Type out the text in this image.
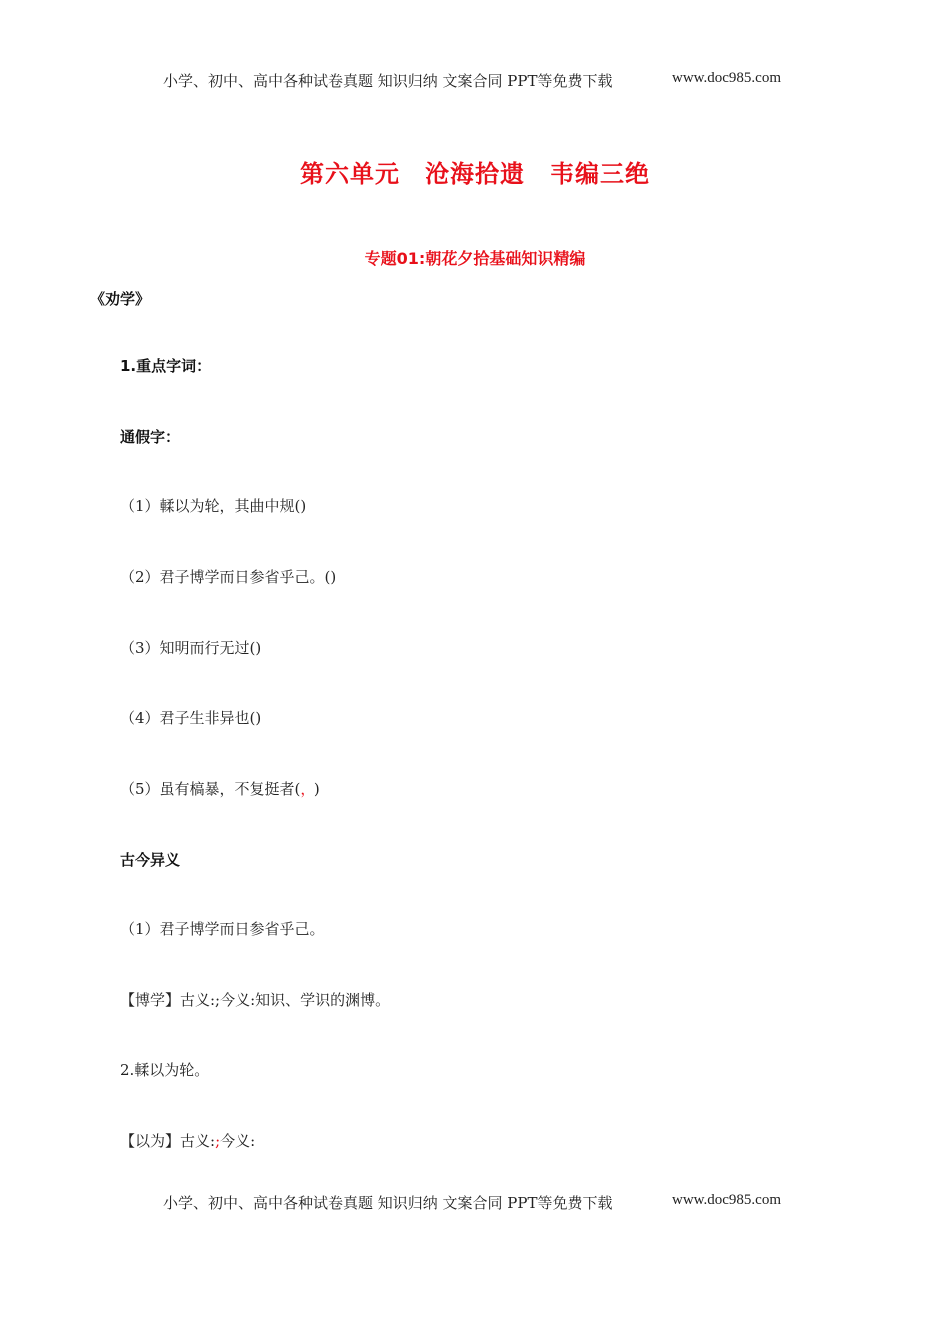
小学、初中、高中各种试卷真题 知识归纳 文案合同 PPT等免费下载	www.doc985.com
第六单元　沧海拾遗　韦编三绝
专题01:朝花夕拾基础知识精编
《劝学》
1.重点字词：
通假字：
（1）輮以为轮，其曲中规()
（2）君子博学而日参省乎己。()
（3）知明而行无过()
（4）君子生非异也()
（5）虽有槁暴，不复挺者(， )
古今异义
（1）君子博学而日参省乎己。
【博学】古义:;今义:知识、学识的渊博。
2.輮以为轮。
【以为】古义:;今义:
小学、初中、高中各种试卷真题 知识归纳 文案合同 PPT等免费下载	www.doc985.com
